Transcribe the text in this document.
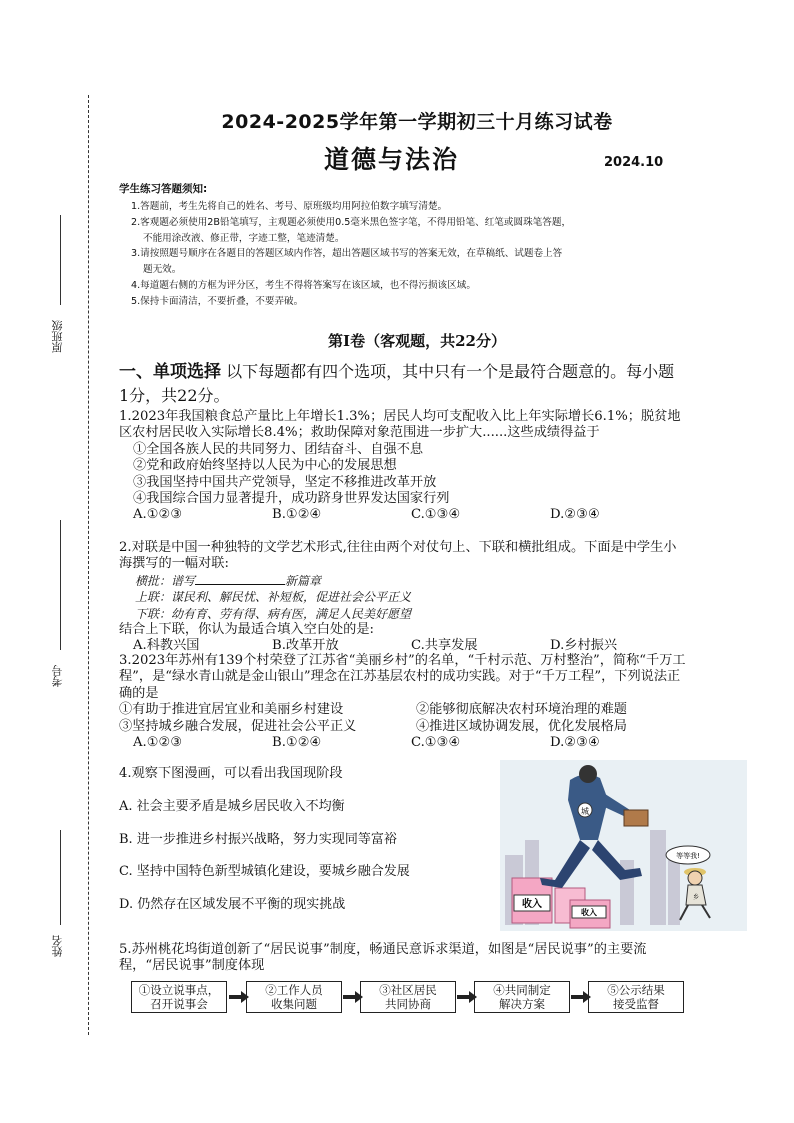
原班级
考号
姓名
2024-2025学年第一学期初三十月练习试卷
道德与法治	2024.10
学生练习答题须知:

1.答题前，考生先将自己的姓名、考号、原班级均用阿拉伯数字填写清楚。

2.客观题必须使用2B铅笔填写，主观题必须使用0.5毫米黑色签字笔，不得用铅笔、红笔或圆珠笔答题，

不能用涂改液、修正带，字迹工整，笔迹清楚。

3.请按照题号顺序在各题目的答题区域内作答，超出答题区域书写的答案无效，在草稿纸、试题卷上答

题无效。

4.每道题右侧的方框为评分区，考生不得将答案写在该区域，也不得污损该区域。

5.保持卡面清洁，不要折叠，不要弄破。

第Ⅰ卷（客观题，共22分）
一、单项选择 以下每题都有四个选项，其中只有一个是最符合题意的。每小题1分，共22分。

1.2023年我国粮食总产量比上年增长1.3%；居民人均可支配收入比上年实际增长6.1%；脱贫地区农村居民收入实际增长8.4%；救助保障对象范围进一步扩大......这些成绩得益于

①全国各族人民的共同努力、团结奋斗、自强不息

②党和政府始终坚持以人民为中心的发展思想

③我国坚持中国共产党领导，坚定不移推进改革开放

④我国综合国力显著提升，成功跻身世界发达国家行列

A.①②③	B.①②④	C.①③④	D.②③④

2.对联是中国一种独特的文学艺术形式,往往由两个对仗句上、下联和横批组成。下面是中学生小海撰写的一幅对联:

横批：谱写	新篇章

上联：谋民利、解民忧、补短板，促进社会公平正义

下联：幼有育、劳有得、病有医，满足人民美好愿望

结合上下联，你认为最适合填入空白处的是:

A.科教兴国	B.改革开放	C.共享发展	D.乡村振兴

3.2023年苏州有139个村荣登了江苏省“美丽乡村”的名单，“千村示范、万村整治”，简称“千万工程”，是“绿水青山就是金山银山”理念在江苏基层农村的成功实践。对于“千万工程”，下列说法正确的是

①有助于推进宜居宜业和美丽乡村建设	②能够彻底解决农村环境治理的难题

③坚持城乡融合发展，促进社会公平正义	④推进区域协调发展，优化发展格局

A.①②③	B.①②④	C.①③④	D.②③④

4.观察下图漫画，可以看出我国现阶段

A. 社会主要矛盾是城乡居民收入不均衡
B. 进一步推进乡村振兴战略，努力实现同等富裕
C. 坚持中国特色新型城镇化建设，要城乡融合发展
D. 仍然存在区域发展不平衡的现实挑战	收入
收入
城
等等我!
乡

5.苏州桃花坞街道创新了“居民说事”制度，畅通民意诉求渠道，如图是“居民说事”的主要流程，“居民说事”制度体现

①设立说事点，
召开说事会
②工作人员
收集问题
③社区居民
共同协商
④共同制定
解决方案
⑤公示结果
接受监督
